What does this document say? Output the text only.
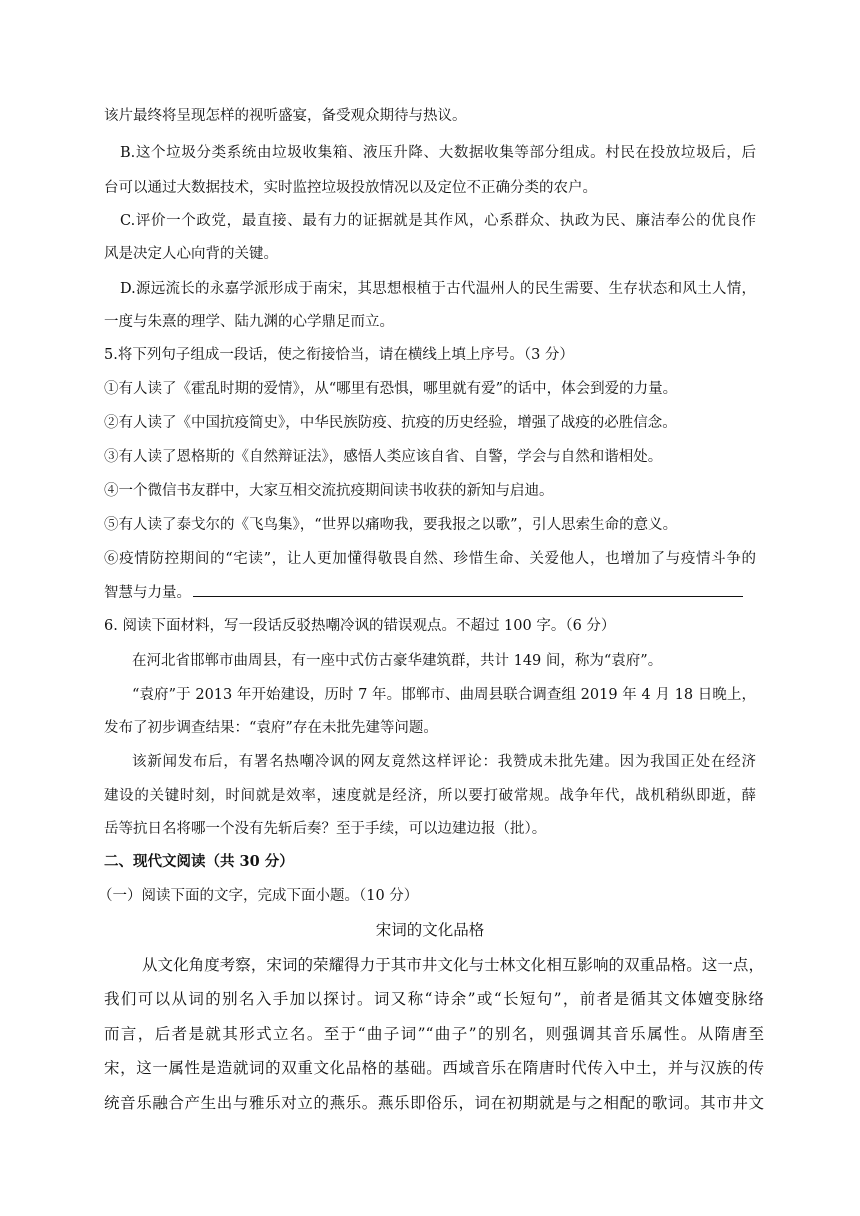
该片最终将呈现怎样的视听盛宴，备受观众期待与热议。
B.这个垃圾分类系统由垃圾收集箱、液压升降、大数据收集等部分组成。村民在投放垃圾后，后
台可以通过大数据技术，实时监控垃圾投放情况以及定位不正确分类的农户。
C.评价一个政党，最直接、最有力的证据就是其作风，心系群众、执政为民、廉洁奉公的优良作
风是决定人心向背的关键。
D.源远流长的永嘉学派形成于南宋，其思想根植于古代温州人的民生需要、生存状态和风土人情，
一度与朱熹的理学、陆九渊的心学鼎足而立。
5.将下列句子组成一段话，使之衔接恰当，请在横线上填上序号。（3 分）
①有人读了《霍乱时期的爱情》，从“哪里有恐惧，哪里就有爱”的话中，体会到爱的力量。
②有人读了《中国抗疫简史》，中华民族防疫、抗疫的历史经验，增强了战疫的必胜信念。
③有人读了恩格斯的《自然辩证法》，感悟人类应该自省、自警，学会与自然和谐相处。
④一个微信书友群中，大家互相交流抗疫期间读书收获的新知与启迪。
⑤有人读了泰戈尔的《飞鸟集》，“世界以痛吻我，要我报之以歌”，引人思索生命的意义。
⑥疫情防控期间的“宅读”，让人更加懂得敬畏自然、珍惜生命、关爱他人，也增加了与疫情斗争的
智慧与力量。
6. 阅读下面材料，写一段话反驳热嘲冷讽的错误观点。不超过 100 字。（6 分）
在河北省邯郸市曲周县，有一座中式仿古豪华建筑群，共计 149 间，称为“袁府”。
“袁府”于 2013 年开始建设，历时 7 年。邯郸市、曲周县联合调查组 2019 年 4 月 18 日晚上，
发布了初步调查结果：“袁府”存在未批先建等问题。
该新闻发布后，有署名热嘲冷讽的网友竟然这样评论：我赞成未批先建。因为我国正处在经济
建设的关键时刻，时间就是效率，速度就是经济，所以要打破常规。战争年代，战机稍纵即逝，薛
岳等抗日名将哪一个没有先斩后奏？至于手续，可以边建边报（批）。
二、现代文阅读（共 30 分）
（一）阅读下面的文字，完成下面小题。（10 分）
宋词的文化品格
从文化角度考察，宋词的荣耀得力于其市井文化与士林文化相互影响的双重品格。这一点，
我们可以从词的别名入手加以探讨。词又称“诗余”或“长短句”，前者是循其文体嬗变脉络
而言，后者是就其形式立名。至于“曲子词”“曲子”的别名，则强调其音乐属性。从隋唐至
宋，这一属性是造就词的双重文化品格的基础。西域音乐在隋唐时代传入中土，并与汉族的传
统音乐融合产生出与雅乐对立的燕乐。燕乐即俗乐，词在初期就是与之相配的歌词。其市井文
